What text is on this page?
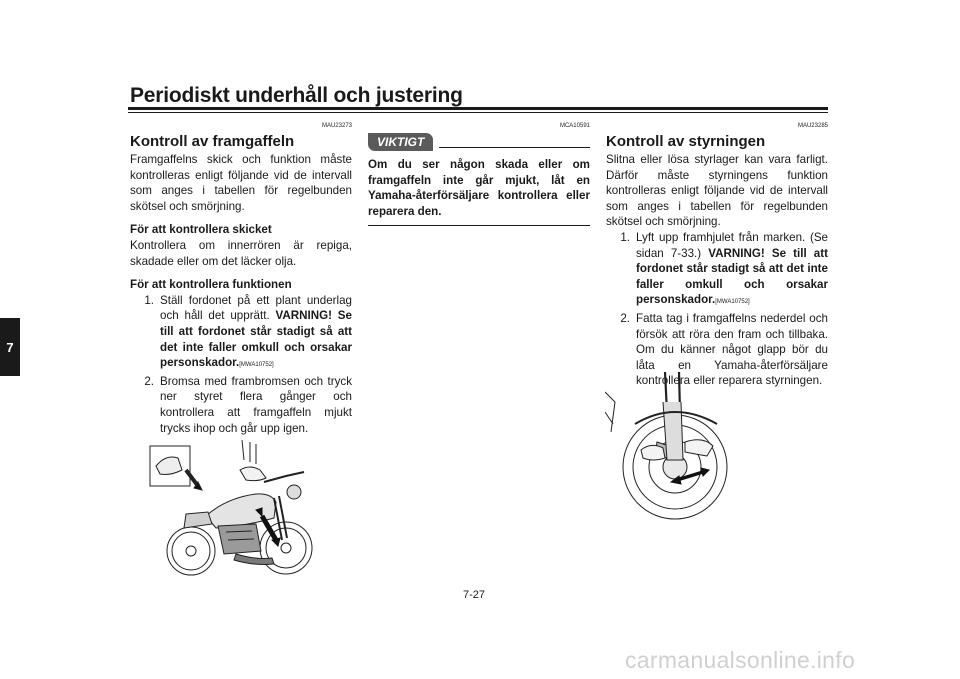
Periodiskt underhåll och justering
7
MAU23273
Kontroll av framgaffeln

Framgaffelns skick och funktion måste kontrolleras enligt följande vid de intervall som anges i tabellen för regelbunden skötsel och smörjning.

För att kontrollera skicket

Kontrollera om innerrören är repiga, skadade eller om det läcker olja.

För att kontrollera funktionen
1. Ställ fordonet på ett plant underlag och håll det upprätt. VARNING! Se till att fordonet står stadigt så att det inte faller omkull och orsakar personskador.[MWA10752]
2. Bromsa med frambromsen och tryck ner styret flera gånger och kontrollera att framgaffeln mjukt trycks ihop och går upp igen.
MCA10591
VIKTIGT

Om du ser någon skada eller om framgaffeln inte går mjukt, låt en Yamaha-återförsäljare kontrollera eller reparera den.

MAU23285
Kontroll av styrningen

Slitna eller lösa styrlager kan vara farligt. Därför måste styrningens funktion kontrolleras enligt följande vid de intervall som anges i tabellen för regelbunden skötsel och smörjning.

1. Lyft upp framhjulet från marken. (Se sidan 7-33.) VARNING! Se till att fordonet står stadigt så att det inte faller omkull och orsakar personskador.[MWA10752]
2. Fatta tag i framgaffelns nederdel och försök att röra den fram och tillbaka. Om du känner något glapp bör du låta en Yamaha-återförsäljare kontrollera eller reparera styrningen.
7-27
carmanualsonline.info
